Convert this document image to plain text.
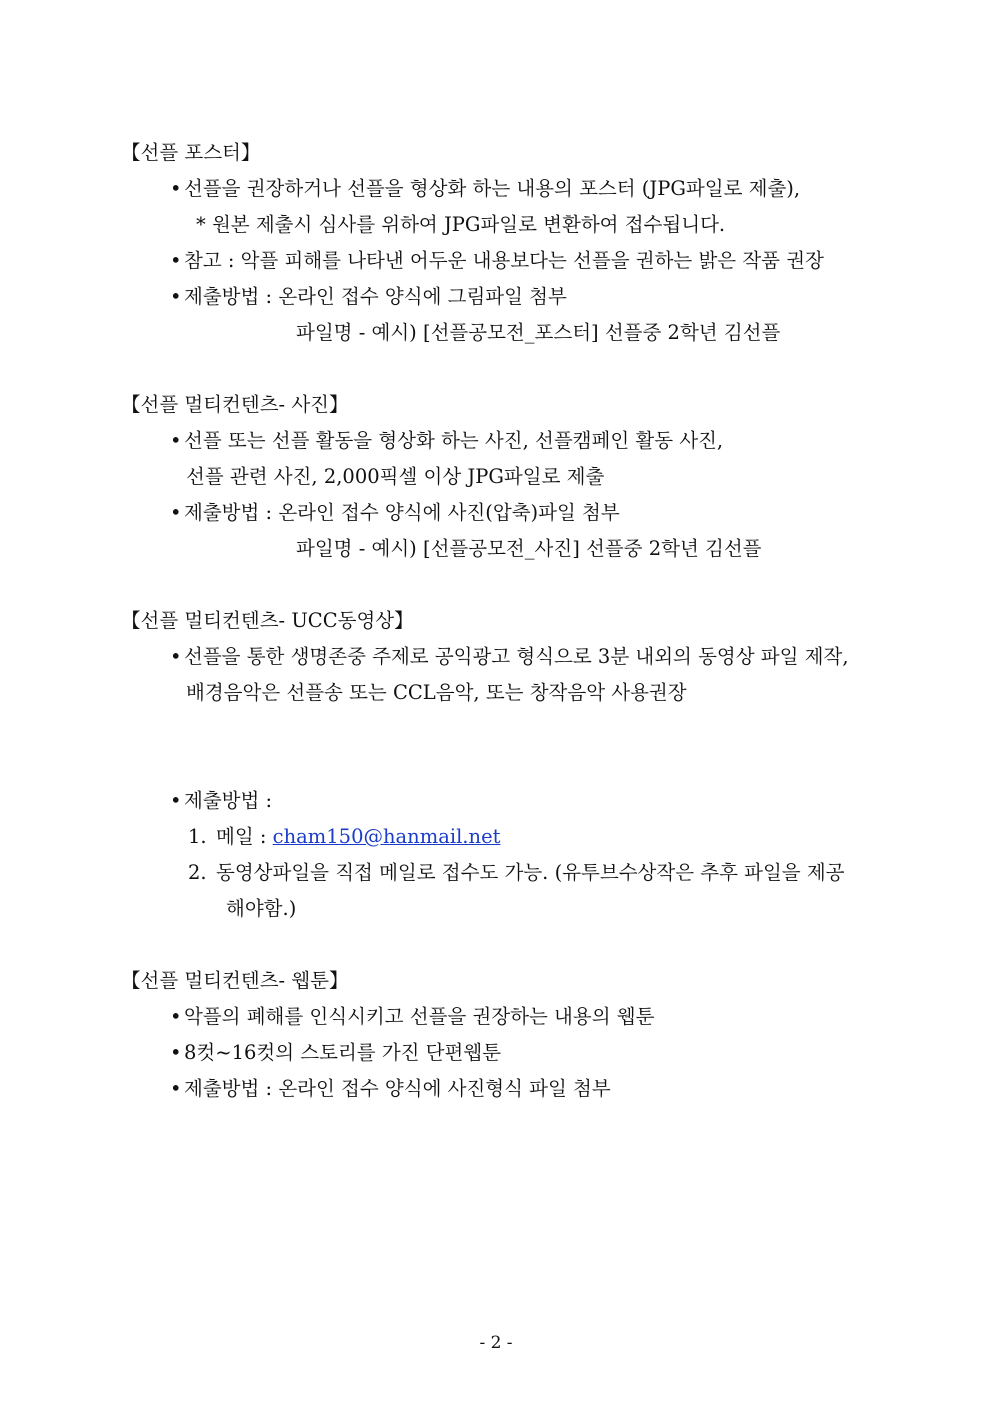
【선플 포스터】
• 선플을 권장하거나 선플을 형상화 하는 내용의 포스터 (JPG파일로 제출),
* 원본 제출시 심사를 위하여 JPG파일로 변환하여 접수됩니다.
• 참고 : 악플 피해를 나타낸 어두운 내용보다는 선플을 권하는 밝은 작품 권장
• 제출방법 : 온라인 접수 양식에 그림파일 첨부
파일명 - 예시) [선플공모전_포스터] 선플중 2학년 김선플
【선플 멀티컨텐츠- 사진】
• 선플 또는 선플 활동을 형상화 하는 사진, 선플캠페인 활동 사진,
선플 관련 사진, 2,000픽셀 이상 JPG파일로 제출
• 제출방법 : 온라인 접수 양식에 사진(압축)파일 첨부
파일명 - 예시) [선플공모전_사진] 선플중 2학년 김선플
【선플 멀티컨텐츠- UCC동영상】
• 선플을 통한 생명존중 주제로 공익광고 형식으로 3분 내외의 동영상 파일 제작,
배경음악은 선플송 또는 CCL음악, 또는 창작음악 사용권장
• 제출방법 :
1. 메일 : cham150@hanmail.net
2. 동영상파일을 직접 메일로 접수도 가능. (유투브수상작은 추후 파일을 제공
해야함.)
【선플 멀티컨텐츠- 웹툰】
• 악플의 폐해를 인식시키고 선플을 권장하는 내용의 웹툰
• 8컷~16컷의 스토리를 가진 단편웹툰
• 제출방법 : 온라인 접수 양식에 사진형식 파일 첨부
- 2 -
